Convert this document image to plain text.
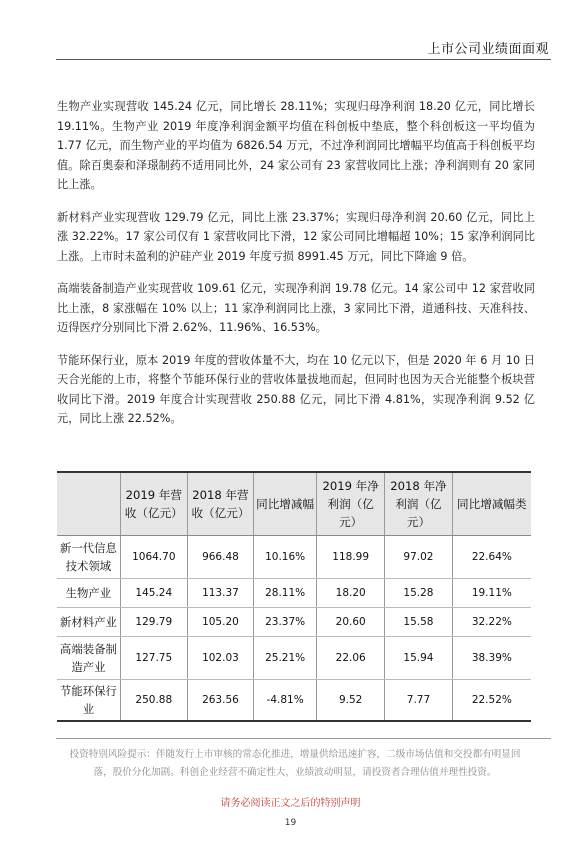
上市公司业绩面面观

生物产业实现营收 145.24 亿元，同比增长 28.11%；实现归母净利润 18.20 亿元，同比增长 19.11%。生物产业 2019 年度净利润金额平均值在科创板中垫底，整个科创板这一平均值为 1.77 亿元，而生物产业的平均值为 6826.54 万元，不过净利润同比增幅平均值高于科创板平均值。除百奥泰和泽璟制药不适用同比外，24 家公司有 23 家营收同比上涨；净利润则有 20 家同比上涨。

新材料产业实现营收 129.79 亿元，同比上涨 23.37%；实现归母净利润 20.60 亿元，同比上涨 32.22%。17 家公司仅有 1 家营收同比下滑，12 家公司同比增幅超 10%；15 家净利润同比上涨。上市时未盈利的沪硅产业 2019 年度亏损 8991.45 万元，同比下降逾 9 倍。

高端装备制造产业实现营收 109.61 亿元，实现净利润 19.78 亿元。14 家公司中 12 家营收同比上涨，8 家涨幅在 10% 以上；11 家净利润同比上涨，3 家同比下滑，道通科技、天准科技、迈得医疗分别同比下滑 2.62%、11.96%、16.53%。

节能环保行业，原本 2019 年度的营收体量不大，均在 10 亿元以下，但是 2020 年 6 月 10 日天合光能的上市，将整个节能环保行业的营收体量拔地而起，但同时也因为天合光能整个板块营收同比下滑。2019 年度合计实现营收 250.88 亿元，同比下滑 4.81%，实现净利润 9.52 亿元，同比上涨 22.52%。

	2019 年营收（亿元）	2018 年营收（亿元）	同比增减幅	2019 年净利润（亿元）	2018 年净利润（亿元）	同比增减幅类
新一代信息技术领域	1064.70	966.48	10.16%	118.99	97.02	22.64%
生物产业	145.24	113.37	28.11%	18.20	15.28	19.11%
新材料产业	129.79	105.20	23.37%	20.60	15.58	32.22%
高端装备制造产业	127.75	102.03	25.21%	22.06	15.94	38.39%
节能环保行业	250.88	263.56	-4.81%	9.52	7.77	22.52%
投资特别风险提示：伴随发行上市审核的常态化推进，增量供给迅速扩容，二级市场估值和交投都有明显回落，股价分化加剧。科创企业经营不确定性大，业绩波动明显，请投资者合理估值并理性投资。
请务必阅读正文之后的特别声明
19
